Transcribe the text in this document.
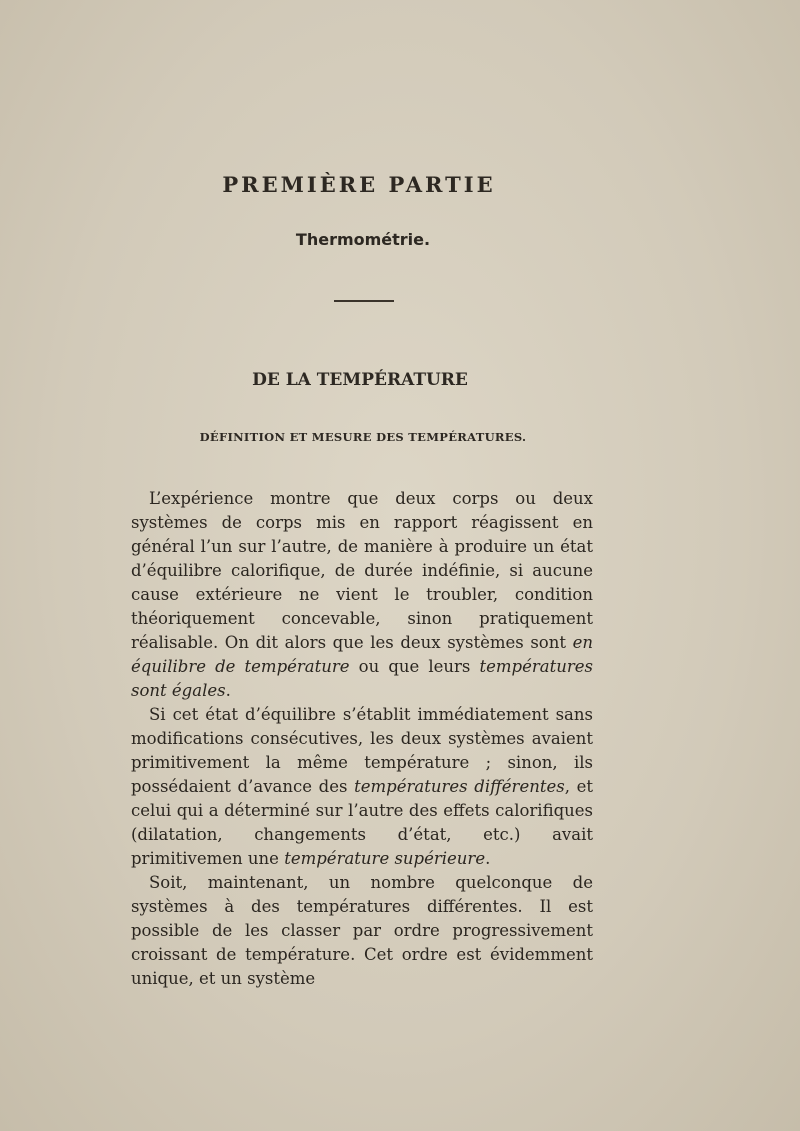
PREMIÈRE PARTIE
Thermométrie.
DE LA TEMPÉRATURE
DÉFINITION ET MESURE DES TEMPÉRATURES.

L’expérience montre que deux corps ou deux systèmes de corps mis en rapport réagissent en général l’un sur l’autre, de manière à produire un état d’équilibre calorifique, de durée indéfinie, si aucune cause extérieure ne vient le troubler, condition théoriquement concevable, sinon pratiquement réalisable. On dit alors que les deux systèmes sont en équilibre de température ou que leurs températures sont égales.

Si cet état d’équilibre s’établit immédiatement sans modifications consécutives, les deux systèmes avaient primitivement la même température ; sinon, ils possédaient d’avance des températures différentes, et celui qui a déterminé sur l’autre des effets calorifiques (dilatation, changements d’état, etc.) avait primitivemen une température supérieure.

Soit, maintenant, un nombre quelconque de systèmes à des températures différentes. Il est possible de les classer par ordre progressivement croissant de température. Cet ordre est évidemment unique, et un système
